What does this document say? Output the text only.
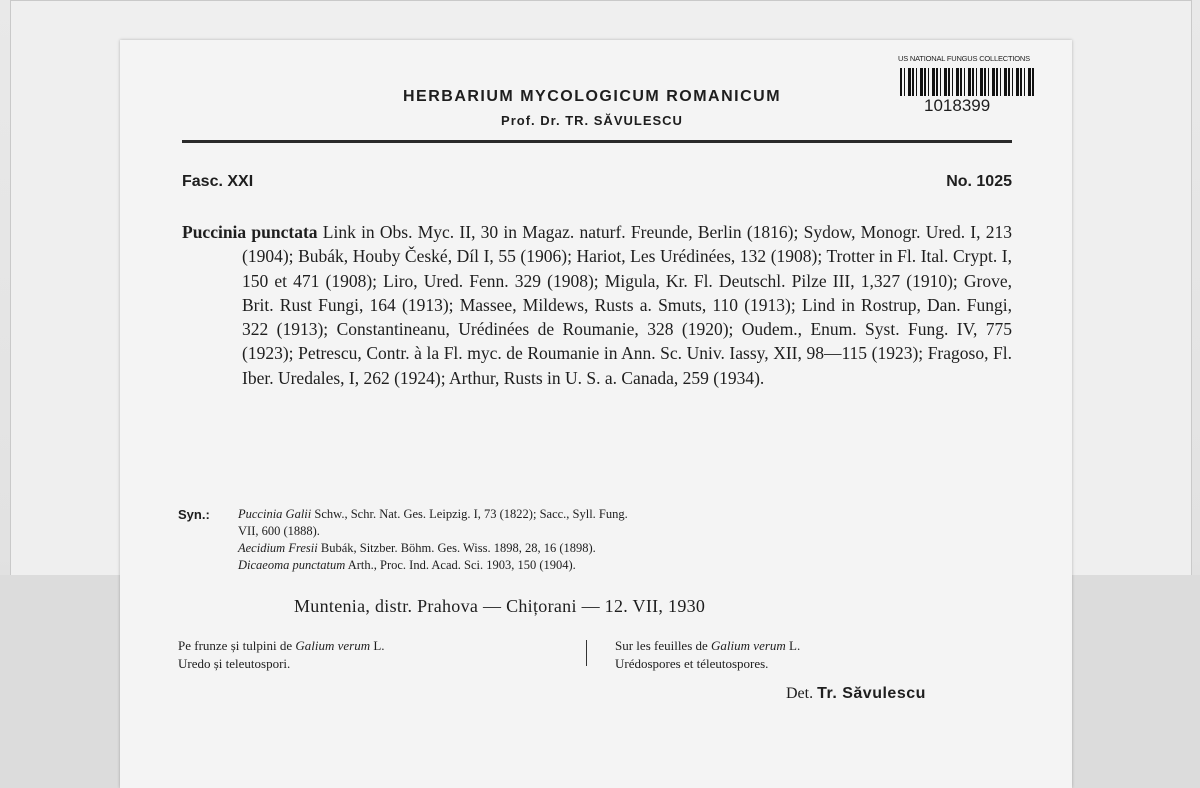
HERBARIUM MYCOLOGICUM ROMANICUM
Prof. Dr. TR. SĂVULESCU
US NATIONAL FUNGUS COLLECTIONS
1018399
Fasc. XXI	No. 1025
Puccinia punctata Link in Obs. Myc. II, 30 in Magaz. naturf. Freunde, Berlin (1816); Sydow, Monogr. Ured. I, 213 (1904); Bubák, Houby České, Díl I, 55 (1906); Hariot, Les Urédinées, 132 (1908); Trotter in Fl. Ital. Crypt. I, 150 et 471 (1908); Liro, Ured. Fenn. 329 (1908); Migula, Kr. Fl. Deutschl. Pilze III, 1,327 (1910); Grove, Brit. Rust Fungi, 164 (1913); Massee, Mildews, Rusts a. Smuts, 110 (1913); Lind in Rostrup, Dan. Fungi, 322 (1913); Constantineanu, Urédinées de Roumanie, 328 (1920); Oudem., Enum. Syst. Fung. IV, 775 (1923); Petrescu, Contr. à la Fl. myc. de Roumanie in Ann. Sc. Univ. Iassy, XII, 98—115 (1923); Fragoso, Fl. Iber. Uredales, I, 262 (1924); Arthur, Rusts in U. S. a. Canada, 259 (1934).
Syn.: Puccinia Galii Schw., Schr. Nat. Ges. Leipzig. I, 73 (1822); Sacc., Syll. Fung.
VII, 600 (1888).
Aecidium Fresii Bubák, Sitzber. Böhm. Ges. Wiss. 1898, 28, 16 (1898).
Dicaeoma punctatum Arth., Proc. Ind. Acad. Sci. 1903, 150 (1904).
Muntenia, distr. Prahova — Chițorani — 12. VII, 1930
Pe frunze și tulpini de Galium verum L.
Uredo și teleutospori.
Sur les feuilles de Galium verum L.
Urédospores et téleutospores.
Det. Tr. Săvulescu
